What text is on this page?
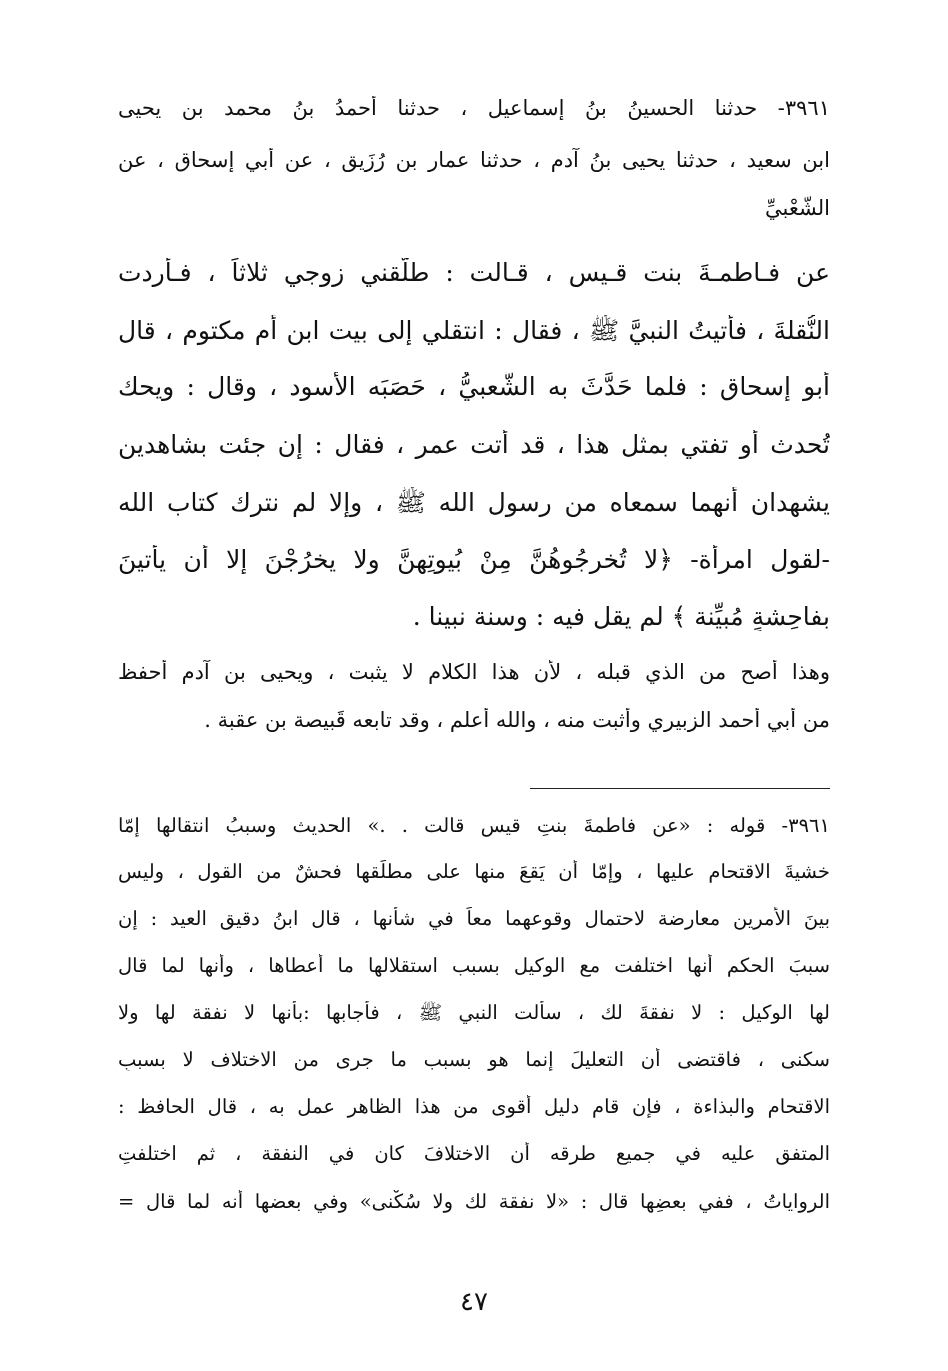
٣٩٦١- حدثنا الحسينُ بنُ إسماعيل ، حدثنا أحمدُ بنُ محمد بن يحيى
ابن سعيد ، حدثنا يحيى بنُ آدم ، حدثنا عمار بن رُزَيق ، عن أبي إسحاق ، عن
الشَّعْبيِّ
عن فـاطمـةَ بنت قـيس ، قـالت : طلَّقني زوجي ثلاثاً ، فـأردت
النُّقلةَ ، فأتيتُ النبيَّ ﷺ ، فقال : انتقلي إلى بيت ابن أم مكتوم ، قال
أبو إسحاق : فلما حَدَّثَ به الشَّعبيُّ ، حَصَبَه الأسود ، وقال : ويحك
تُحدث أو تفتي بمثل هذا ، قد أتت عمر ، فقال : إن جئت بشاهدين
يشهدان أنهما سمعاه من رسول الله ﷺ ، وإلا لم نترك كتاب الله
-لقول امرأة- ﴿لا تُخرجُوهُنَّ مِنْ بُيوتِهنَّ ولا يخرُجْنَ إلا أن يأتينَ
بفاحِشةٍ مُبيِّنة ﴾ لم يقل فيه : وسنة نبينا .
وهذا أصح من الذي قبله ، لأن هذا الكلام لا يثبت ، ويحيى بن آدم أحفظ
من أبي أحمد الزبيري وأثبت منه ، والله أعلم ، وقد تابعه قَبيصة بن عقبة .
٣٩٦١- قوله : «عن فاطمةَ بنتِ قيس قالت . .» الحديث وسببُ انتقالها إمّا
خشيةَ الاقتحام عليها ، وإمّا أن يَقعَ منها على مطلِّقها فحشٌ من القول ، وليس
بينَ الأمرين معارضة لاحتمالِ وقوعهما معاً في شأنها ، قال ابنُ دقيق العيد : إن
سببَ الحكم أنها اختلفت مع الوكيل بسبب استقلالها ما أعطاها ، وأنها لما قال
لها الوكيل : لا نفقةَ لك ، سألت النبي ﷺ ، فأجابها :بأنها لا نفقة لها ولا
سكنى ، فاقتضى أن التعليلَ إنما هو بسبب ما جرى من الاختلاف لا بسببِ
الاقتحام والبذاءة ، فإن قام دليل أقوى من هذا الظاهر عمل به ، قال الحافظ :
المتفق عليه في جميع طرقه أن الاختلافَ كان في النفقة ، ثم اختلفتِ
الرواياتُ ، ففي بعضِها قال : «لا نفقة لك ولا سُكْنى» وفي بعضها أنه لما قال =
٤٧
